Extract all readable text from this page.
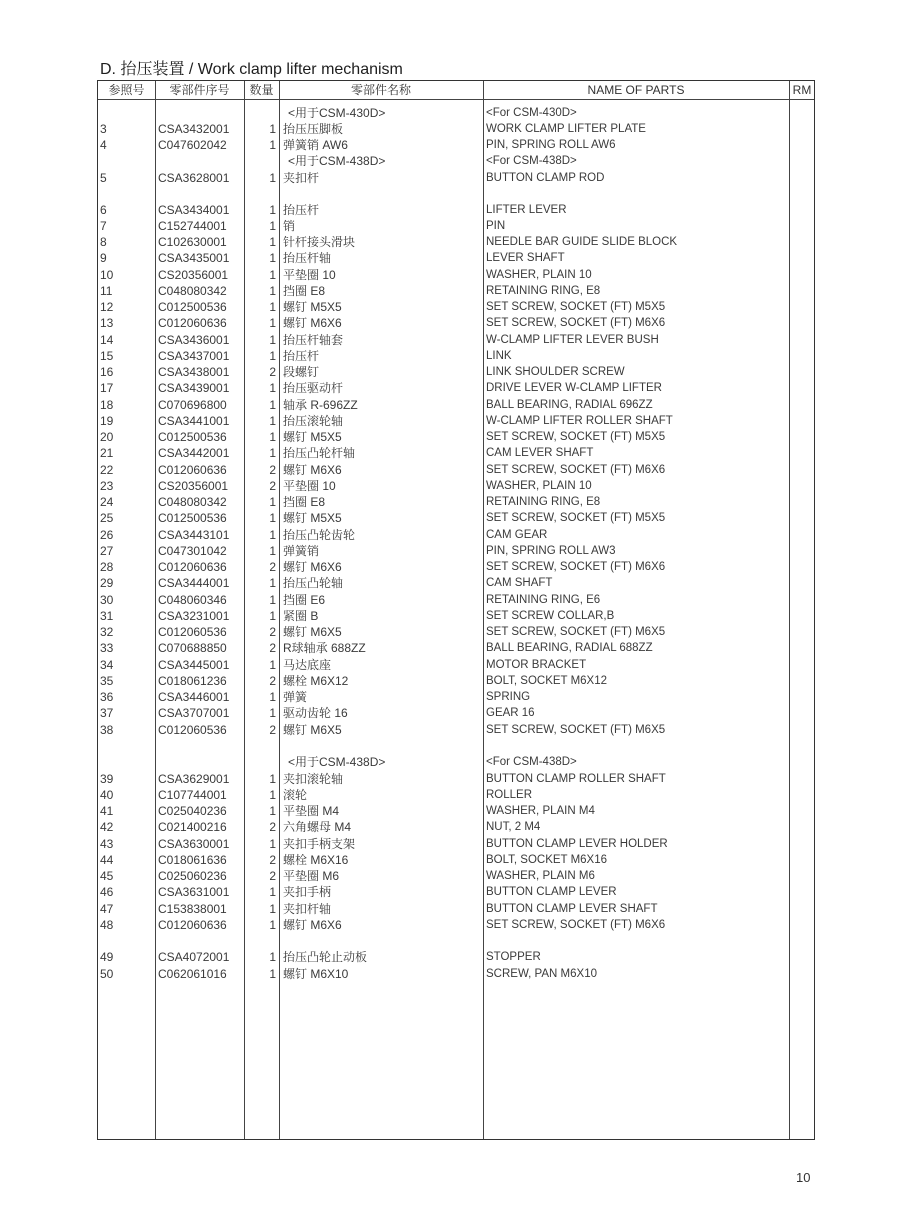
D. 抬压装置 / Work clamp lifter mechanism
参照号	零部件序号	数量	零部件名称	NAME OF PARTS	RM
<用于CSM-430D>	<For CSM-430D>
3	CSA3432001	1 抬压压脚板	WORK CLAMP LIFTER PLATE
4	C047602042	1 弹簧销 AW6	PIN, SPRING ROLL AW6
<用于CSM-438D>	<For CSM-438D>
5	CSA3628001	1 夹扣杆	BUTTON CLAMP ROD
6	CSA3434001	1 抬压杆	LIFTER LEVER
7	C152744001	1 销	PIN
8	C102630001	1 针杆接头滑块	NEEDLE BAR GUIDE SLIDE BLOCK
9	CSA3435001	1 抬压杆轴	LEVER SHAFT
10	CS20356001	1 平垫圈 10	WASHER, PLAIN 10
11	C048080342	1 挡圈 E8	RETAINING RING, E8
12	C012500536	1 螺钉 M5X5	SET SCREW, SOCKET (FT) M5X5
13	C012060636	1 螺钉 M6X6	SET SCREW, SOCKET (FT) M6X6
14	CSA3436001	1 抬压杆轴套	W-CLAMP LIFTER LEVER BUSH
15	CSA3437001	1 抬压杆	LINK
16	CSA3438001	2 段螺钉	LINK SHOULDER SCREW
17	CSA3439001	1 抬压驱动杆	DRIVE LEVER W-CLAMP LIFTER
18	C070696800	1 轴承 R-696ZZ	BALL BEARING, RADIAL 696ZZ
19	CSA3441001	1 抬压滚轮轴	W-CLAMP LIFTER ROLLER SHAFT
20	C012500536	1 螺钉 M5X5	SET SCREW, SOCKET (FT) M5X5
21	CSA3442001	1 抬压凸轮杆轴	CAM LEVER SHAFT
22	C012060636	2 螺钉 M6X6	SET SCREW, SOCKET (FT) M6X6
23	CS20356001	2 平垫圈 10	WASHER, PLAIN 10
24	C048080342	1 挡圈 E8	RETAINING RING, E8
25	C012500536	1 螺钉 M5X5	SET SCREW, SOCKET (FT) M5X5
26	CSA3443101	1 抬压凸轮齿轮	CAM GEAR
27	C047301042	1 弹簧销	PIN, SPRING ROLL AW3
28	C012060636	2 螺钉 M6X6	SET SCREW, SOCKET (FT) M6X6
29	CSA3444001	1 抬压凸轮轴	CAM SHAFT
30	C048060346	1 挡圈 E6	RETAINING RING, E6
31	CSA3231001	1 紧圈 B	SET SCREW COLLAR,B
32	C012060536	2 螺钉 M6X5	SET SCREW, SOCKET (FT) M6X5
33	C070688850	2 R球轴承 688ZZ	BALL BEARING, RADIAL 688ZZ
34	CSA3445001	1 马达底座	MOTOR BRACKET
35	C018061236	2 螺栓 M6X12	BOLT, SOCKET M6X12
36	CSA3446001	1 弹簧	SPRING
37	CSA3707001	1 驱动齿轮 16	GEAR 16
38	C012060536	2 螺钉 M6X5	SET SCREW, SOCKET (FT) M6X5
<用于CSM-438D>	<For CSM-438D>
39	CSA3629001	1 夹扣滚轮轴	BUTTON CLAMP ROLLER SHAFT
40	C107744001	1 滚轮	ROLLER
41	C025040236	1 平垫圈 M4	WASHER, PLAIN M4
42	C021400216	2 六角螺母 M4	NUT, 2 M4
43	CSA3630001	1 夹扣手柄支架	BUTTON CLAMP LEVER HOLDER
44	C018061636	2 螺栓 M6X16	BOLT, SOCKET M6X16
45	C025060236	2 平垫圈 M6	WASHER, PLAIN M6
46	CSA3631001	1 夹扣手柄	BUTTON CLAMP LEVER
47	C153838001	1 夹扣杆轴	BUTTON CLAMP LEVER SHAFT
48	C012060636	1 螺钉 M6X6	SET SCREW, SOCKET (FT) M6X6
49	CSA4072001	1 抬压凸轮止动板	STOPPER
50	C062061016	1 螺钉 M6X10	SCREW, PAN M6X10
10
